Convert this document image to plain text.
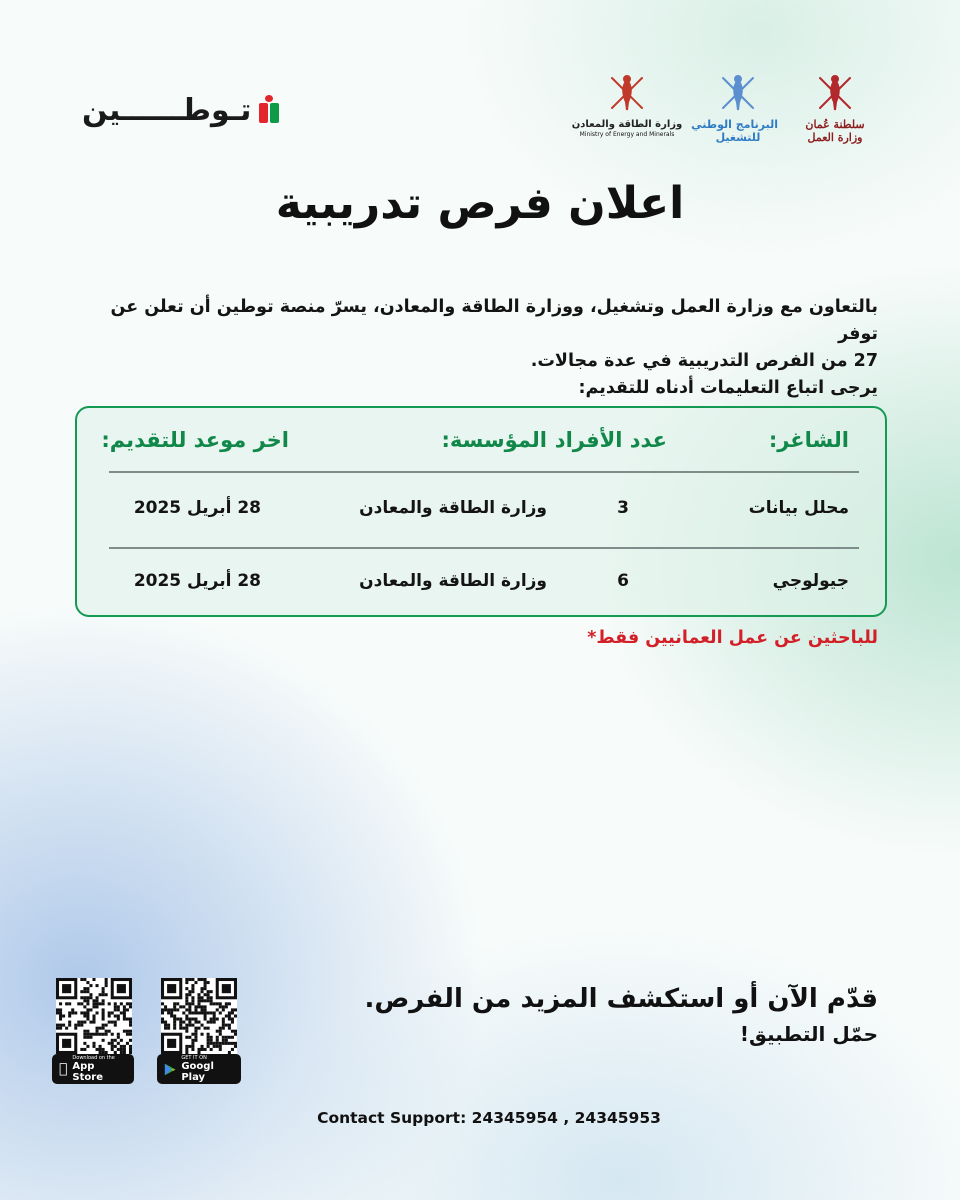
تـوطــــــين	سلطنة عُمان
وزارة العمل
البرنامج الوطني
للتشغيل
وزارة الطاقة والمعادن
Ministry of Energy and Minerals
اعلان فرص تدريبية
بالتعاون مع وزارة العمل وتشغيل، ووزارة الطاقة والمعادن، يسرّ منصة توطين أن تعلن عن توفر
27 من الفرص التدريبية في عدة مجالات.
يرجى اتباع التعليمات أدناه للتقديم:
الشاغر:
عدد الأفراد
المؤسسة:
اخر موعد للتقديم:
محلل بيانات
3
وزارة الطاقة والمعادن
28 أبريل 2025
جيولوجي
6
وزارة الطاقة والمعادن
28 أبريل 2025
للباحثين عن عمل العمانيين فقط*
Download on the
App Store
GET IT ON
Googl Play
قدّم الآن أو استكشف المزيد من الفرص.
حمّل التطبيق!
Contact Support: 24345954 , 24345953
